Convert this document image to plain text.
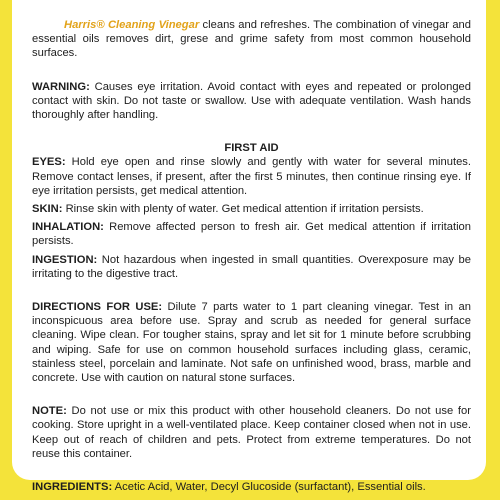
Harris® Cleaning Vinegar cleans and refreshes. The combination of vinegar and essential oils removes dirt, grese and grime safety from most common household surfaces.

WARNING: Causes eye irritation. Avoid contact with eyes and repeated or prolonged contact with skin. Do not taste or swallow. Use with adequate ventilation. Wash hands thoroughly after handling.

FIRST AID

EYES: Hold eye open and rinse slowly and gently with water for several minutes. Remove contact lenses, if present, after the first 5 minutes, then continue rinsing eye. If eye irritation persists, get medical attention.

SKIN: Rinse skin with plenty of water. Get medical attention if irritation persists.

INHALATION: Remove affected person to fresh air. Get medical attention if irritation persists.

INGESTION: Not hazardous when ingested in small quantities. Overexposure may be irritating to the digestive tract.

DIRECTIONS FOR USE: Dilute 7 parts water to 1 part cleaning vinegar. Test in an inconspicuous area before use. Spray and scrub as needed for general surface cleaning. Wipe clean. For tougher stains, spray and let sit for 1 minute before scrubbing and wiping. Safe for use on common household surfaces including glass, ceramic, stainless steel, porcelain and laminate. Not safe on unfinished wood, brass, marble and concrete. Use with caution on natural stone surfaces.

NOTE: Do not use or mix this product with other household cleaners. Do not use for cooking. Store upright in a well-ventilated place. Keep container closed when not in use. Keep out of reach of children and pets. Protect from extreme temperatures. Do not reuse this container.

INGREDIENTS: Acetic Acid, Water, Decyl Glucoside (surfactant), Essential oils.
